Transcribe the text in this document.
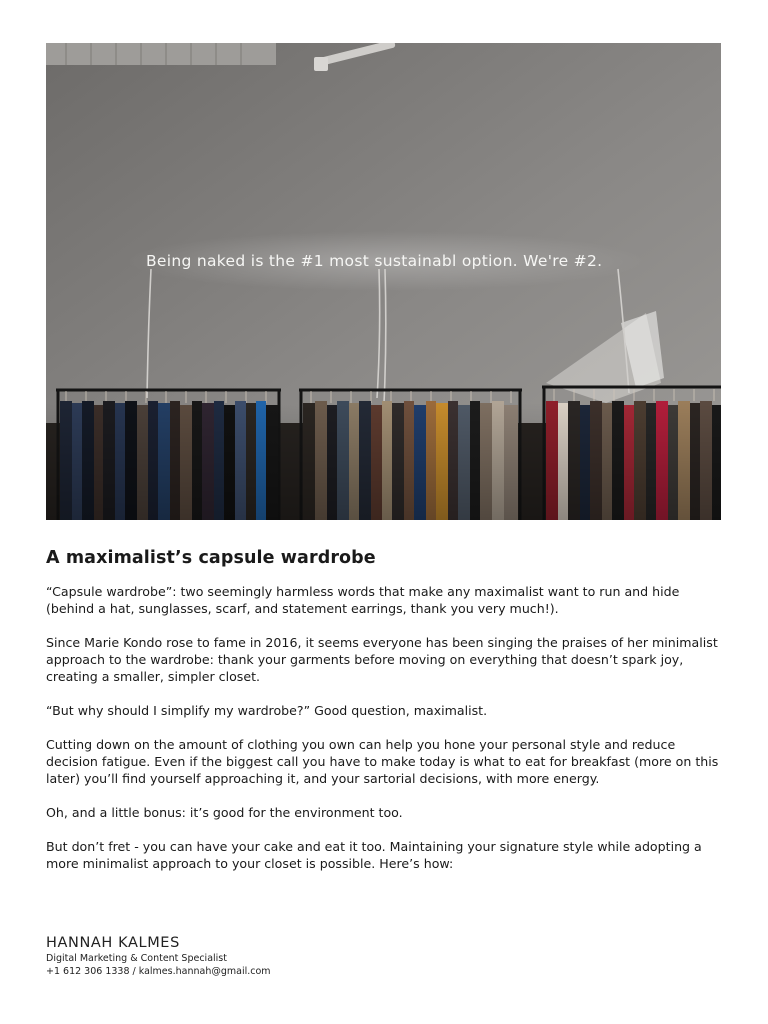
Being naked is the #1 most sustainabl option. We're #2.
A maximalist’s capsule wardrobe

“Capsule wardrobe”: two seemingly harmless words that make any maximalist want to run and hide (behind a hat, sunglasses, scarf, and statement earrings, thank you very much!).

Since Marie Kondo rose to fame in 2016, it seems everyone has been singing the praises of her minimalist approach to the wardrobe: thank your garments before moving on everything that doesn’t spark joy, creating a smaller, simpler closet.

“But why should I simplify my wardrobe?” Good question, maximalist.

Cutting down on the amount of clothing you own can help you hone your personal style and reduce decision fatigue. Even if the biggest call you have to make today is what to eat for breakfast (more on this later) you’ll find yourself approaching it, and your sartorial decisions, with more energy.

Oh, and a little bonus: it’s good for the environment too.

But don’t fret - you can have your cake and eat it too. Maintaining your signature style while adopting a more minimalist approach to your closet is possible. Here’s how:

HANNAH KALMES
Digital Marketing & Content Specialist
+1 612 306 1338 / kalmes.hannah@gmail.com
